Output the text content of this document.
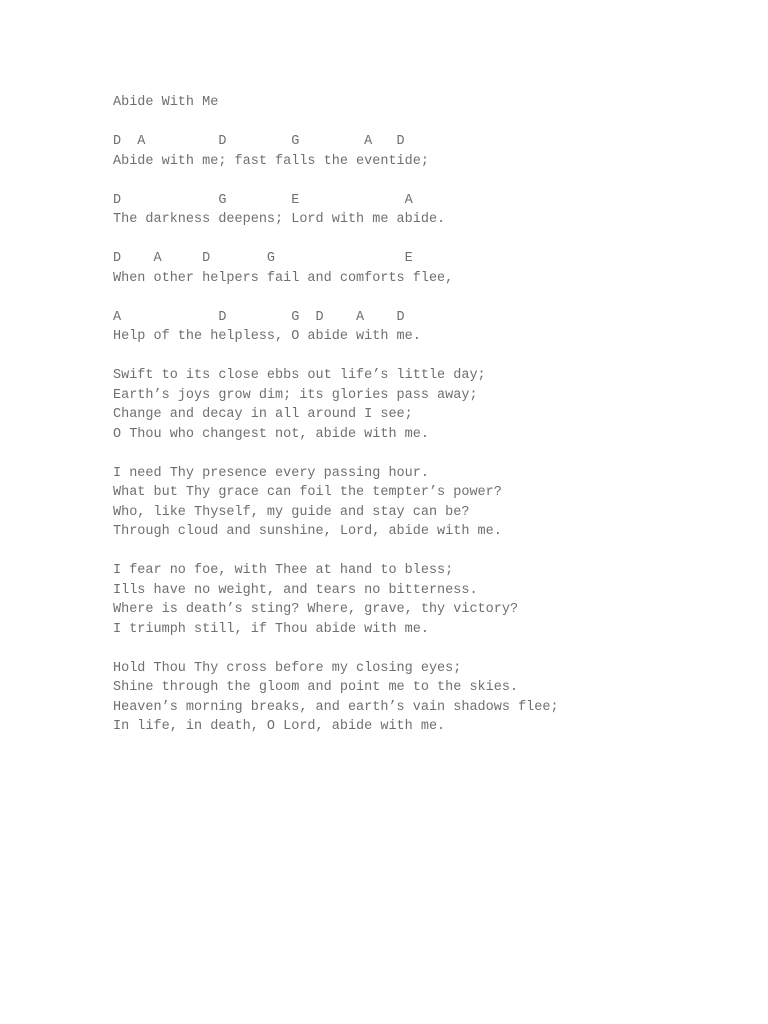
Abide With Me
D  A         D        G        A   D
Abide with me; fast falls the eventide;
D            G        E             A
The darkness deepens; Lord with me abide.
D    A     D       G                E
When other helpers fail and comforts flee,
A            D        G  D    A    D
Help of the helpless, O abide with me.
Swift to its close ebbs out life’s little day;
Earth’s joys grow dim; its glories pass away;
Change and decay in all around I see;
O Thou who changest not, abide with me.
I need Thy presence every passing hour.
What but Thy grace can foil the tempter’s power?
Who, like Thyself, my guide and stay can be?
Through cloud and sunshine, Lord, abide with me.
I fear no foe, with Thee at hand to bless;
Ills have no weight, and tears no bitterness.
Where is death’s sting? Where, grave, thy victory?
I triumph still, if Thou abide with me.
Hold Thou Thy cross before my closing eyes;
Shine through the gloom and point me to the skies.
Heaven’s morning breaks, and earth’s vain shadows flee;
In life, in death, O Lord, abide with me.
